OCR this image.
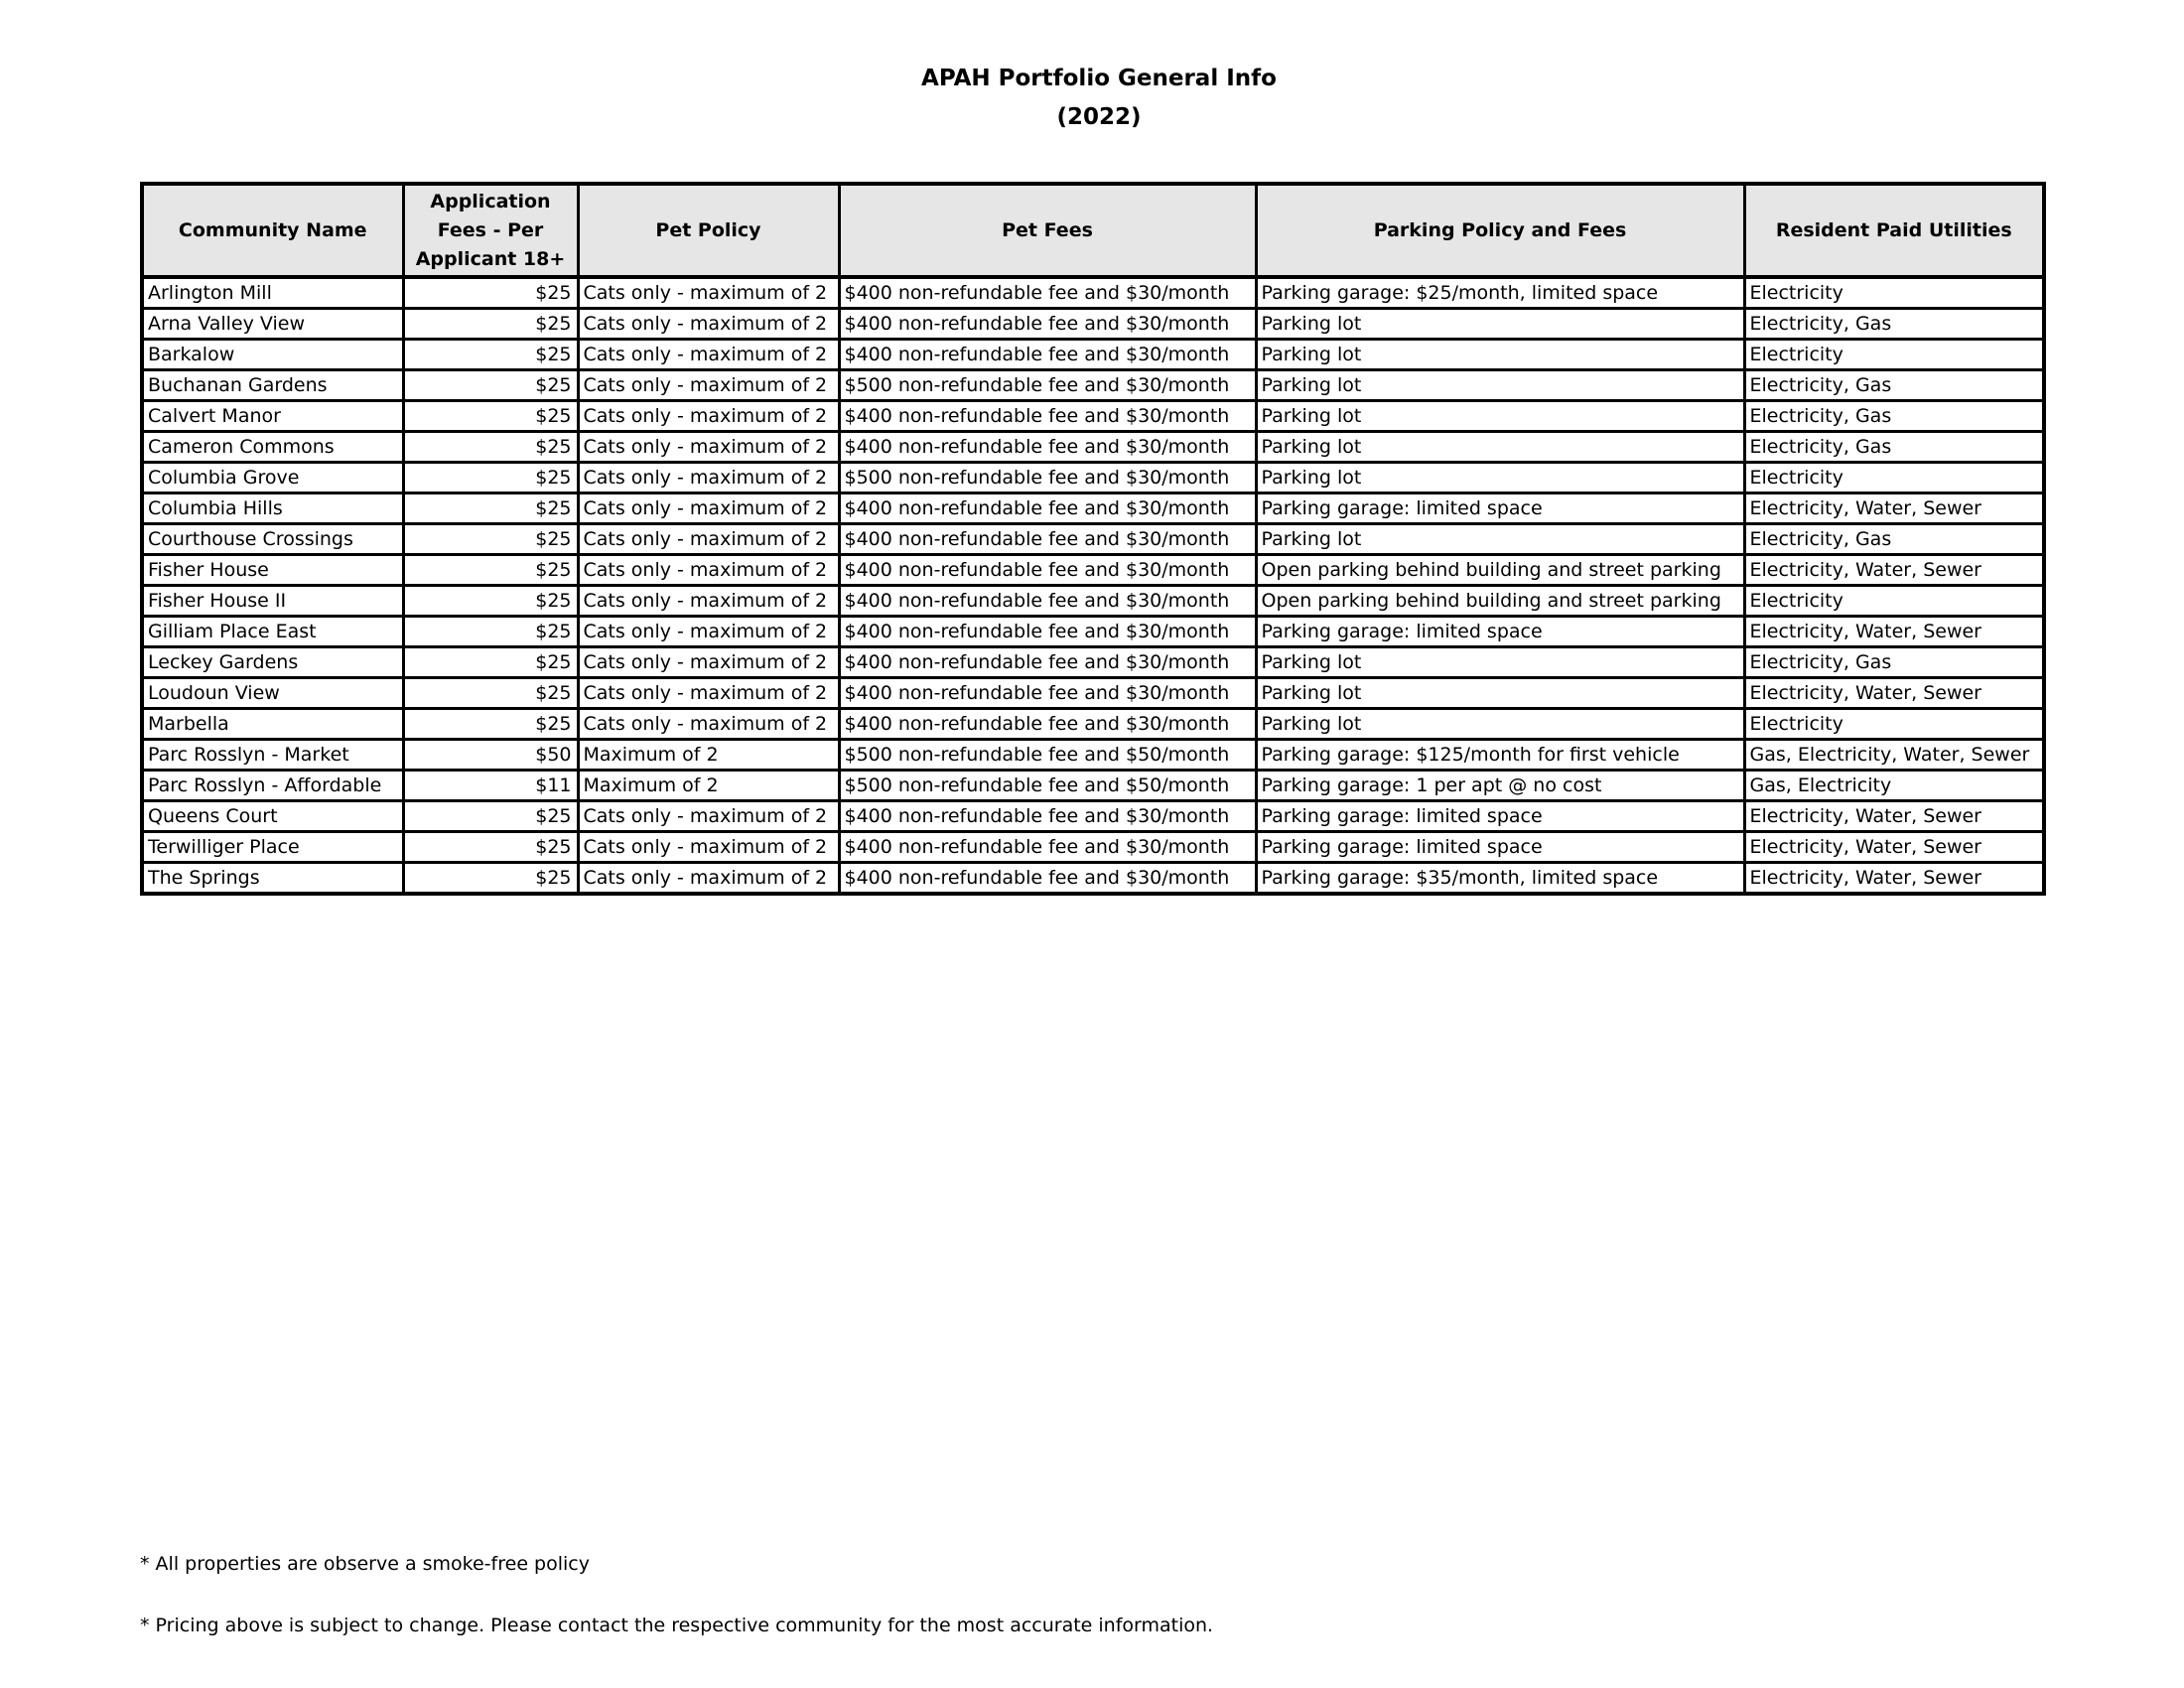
APAH Portfolio General Info
(2022)
Community Name	Application Fees - Per Applicant 18+	Pet Policy	Pet Fees	Parking Policy and Fees	Resident Paid Utilities
Arlington Mill	$25	Cats only - maximum of 2	$400 non-refundable fee and $30/month	Parking garage: $25/month, limited space	Electricity
Arna Valley View	$25	Cats only - maximum of 2	$400 non-refundable fee and $30/month	Parking lot	Electricity, Gas
Barkalow	$25	Cats only - maximum of 2	$400 non-refundable fee and $30/month	Parking lot	Electricity
Buchanan Gardens	$25	Cats only - maximum of 2	$500 non-refundable fee and $30/month	Parking lot	Electricity, Gas
Calvert Manor	$25	Cats only - maximum of 2	$400 non-refundable fee and $30/month	Parking lot	Electricity, Gas
Cameron Commons	$25	Cats only - maximum of 2	$400 non-refundable fee and $30/month	Parking lot	Electricity, Gas
Columbia Grove	$25	Cats only - maximum of 2	$500 non-refundable fee and $30/month	Parking lot	Electricity
Columbia Hills	$25	Cats only - maximum of 2	$400 non-refundable fee and $30/month	Parking garage: limited space	Electricity, Water, Sewer
Courthouse Crossings	$25	Cats only - maximum of 2	$400 non-refundable fee and $30/month	Parking lot	Electricity, Gas
Fisher House	$25	Cats only - maximum of 2	$400 non-refundable fee and $30/month	Open parking behind building and street parking	Electricity, Water, Sewer
Fisher House II	$25	Cats only - maximum of 2	$400 non-refundable fee and $30/month	Open parking behind building and street parking	Electricity
Gilliam Place East	$25	Cats only - maximum of 2	$400 non-refundable fee and $30/month	Parking garage: limited space	Electricity, Water, Sewer
Leckey Gardens	$25	Cats only - maximum of 2	$400 non-refundable fee and $30/month	Parking lot	Electricity, Gas
Loudoun View	$25	Cats only - maximum of 2	$400 non-refundable fee and $30/month	Parking lot	Electricity, Water, Sewer
Marbella	$25	Cats only - maximum of 2	$400 non-refundable fee and $30/month	Parking lot	Electricity
Parc Rosslyn - Market	$50	Maximum of 2	$500 non-refundable fee and $50/month	Parking garage: $125/month for first vehicle	Gas, Electricity, Water, Sewer
Parc Rosslyn - Affordable	$11	Maximum of 2	$500 non-refundable fee and $50/month	Parking garage: 1 per apt @ no cost	Gas, Electricity
Queens Court	$25	Cats only - maximum of 2	$400 non-refundable fee and $30/month	Parking garage: limited space	Electricity, Water, Sewer
Terwilliger Place	$25	Cats only - maximum of 2	$400 non-refundable fee and $30/month	Parking garage: limited space	Electricity, Water, Sewer
The Springs	$25	Cats only - maximum of 2	$400 non-refundable fee and $30/month	Parking garage: $35/month, limited space	Electricity, Water, Sewer
* All properties are observe a smoke-free policy
* Pricing above is subject to change. Please contact the respective community for the most accurate information.
